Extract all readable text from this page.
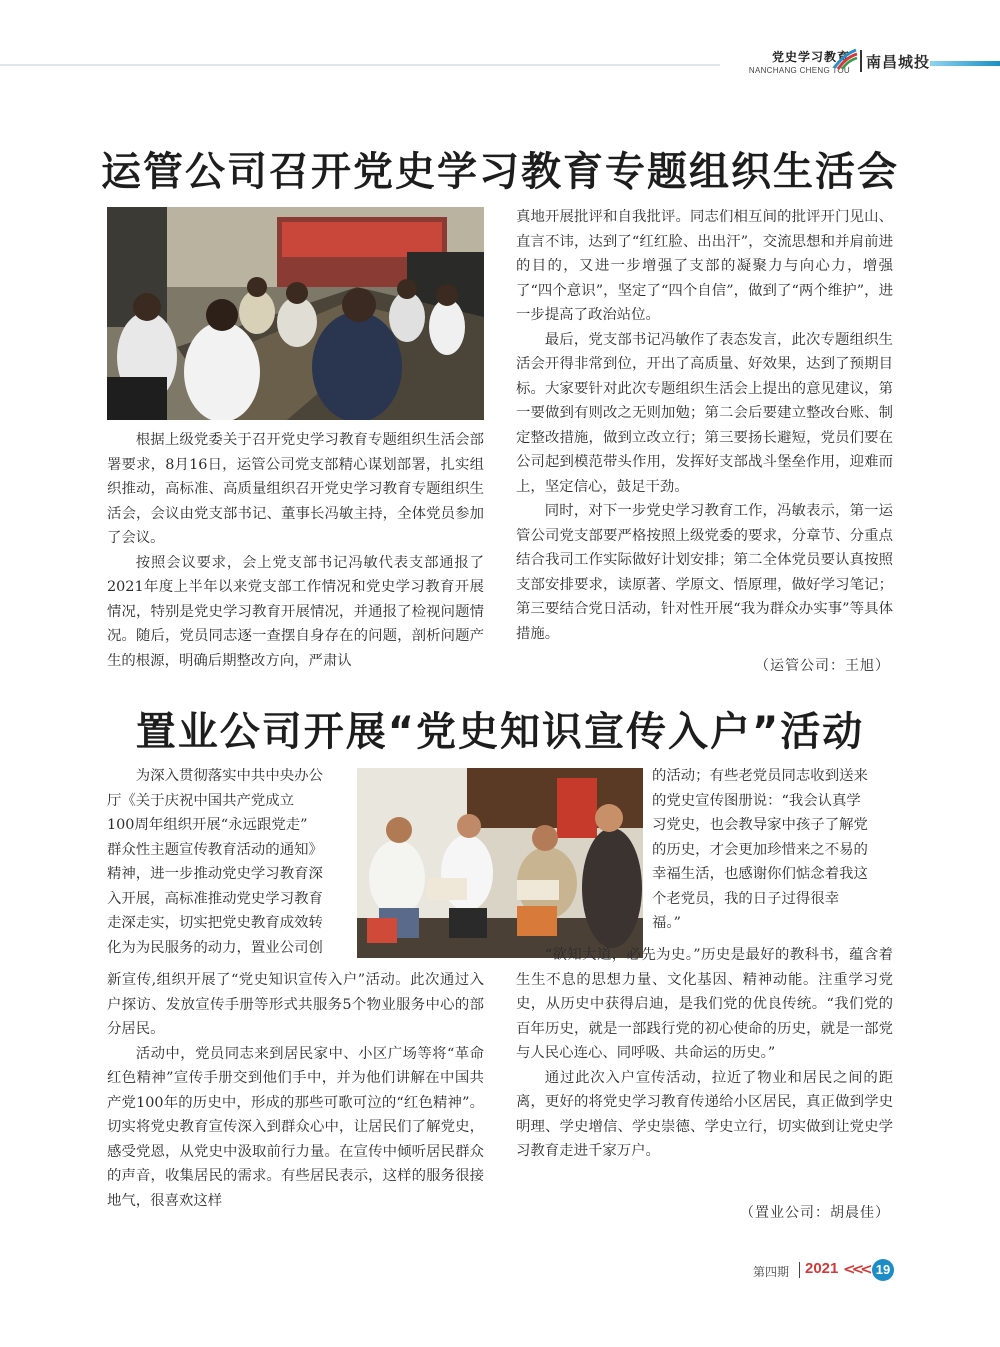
党史学习教育
NANCHANG CHENG TOU 南昌城投
运管公司召开党史学习教育专题组织生活会

根据上级党委关于召开党史学习教育专题组织生活会部署要求，8月16日，运管公司党支部精心谋划部署，扎实组织推动，高标准、高质量组织召开党史学习教育专题组织生活会，会议由党支部书记、董事长冯敏主持，全体党员参加了会议。

按照会议要求，会上党支部书记冯敏代表支部通报了2021年度上半年以来党支部工作情况和党史学习教育开展情况，特别是党史学习教育开展情况，并通报了检视问题情况。随后，党员同志逐一查摆自身存在的问题，剖析问题产生的根源，明确后期整改方向，严肃认

真地开展批评和自我批评。同志们相互间的批评开门见山、直言不讳，达到了“红红脸、出出汗”，交流思想和并肩前进的目的，又进一步增强了支部的凝聚力与向心力，增强了“四个意识”，坚定了“四个自信”，做到了“两个维护”，进一步提高了政治站位。

最后，党支部书记冯敏作了表态发言，此次专题组织生活会开得非常到位，开出了高质量、好效果，达到了预期目标。大家要针对此次专题组织生活会上提出的意见建议，第一要做到有则改之无则加勉；第二会后要建立整改台账、制定整改措施，做到立改立行；第三要扬长避短，党员们要在公司起到模范带头作用，发挥好支部战斗堡垒作用，迎难而上，坚定信心，鼓足干劲。

同时，对下一步党史学习教育工作，冯敏表示，第一运管公司党支部要严格按照上级党委的要求，分章节、分重点结合我司工作实际做好计划安排；第二全体党员要认真按照支部安排要求，读原著、学原文、悟原理，做好学习笔记；第三要结合党日活动，针对性开展“我为群众办实事”等具体措施。

（运管公司：王旭）
置业公司开展“党史知识宣传入户”活动
为深入贯彻落实中共中央办公
厅《关于庆祝中国共产党成立
100周年组织开展“永远跟党走”
群众性主题宣传教育活动的通知》
精神，进一步推动党史学习教育深
入开展，高标准推动党史学习教育
走深走实，切实把党史教育成效转
化为为民服务的动力，置业公司创

新宣传,组织开展了“党史知识宣传入户”活动。此次通过入户探访、发放宣传手册等形式共服务5个物业服务中心的部分居民。

活动中，党员同志来到居民家中、小区广场等将“革命红色精神”宣传手册交到他们手中，并为他们讲解在中国共产党100年的历史中，形成的那些可歌可泣的“红色精神”。切实将党史教育宣传深入到群众心中，让居民们了解党史，感受党恩，从党史中汲取前行力量。在宣传中倾听居民群众的声音，收集居民的需求。有些居民表示，这样的服务很接地气，很喜欢这样

的活动；有些老党员同志收到送来
的党史宣传图册说：“我会认真学
习党史，也会教导家中孩子了解党
的历史，才会更加珍惜来之不易的
幸福生活，也感谢你们惦念着我这
个老党员，我的日子过得很幸
福。”

“欲知大道，必先为史。”历史是最好的教科书，蕴含着生生不息的思想力量、文化基因、精神动能。注重学习党史，从历史中获得启迪，是我们党的优良传统。“我们党的百年历史，就是一部践行党的初心使命的历史，就是一部党与人民心连心、同呼吸、共命运的历史。”

通过此次入户宣传活动，拉近了物业和居民之间的距离，更好的将党史学习教育传递给小区居民，真正做到学史明理、学史增信、学史崇德、学史立行，切实做到让党史学习教育走进千家万户。

（置业公司：胡晨佳）
第四期 2021 <<< 19
